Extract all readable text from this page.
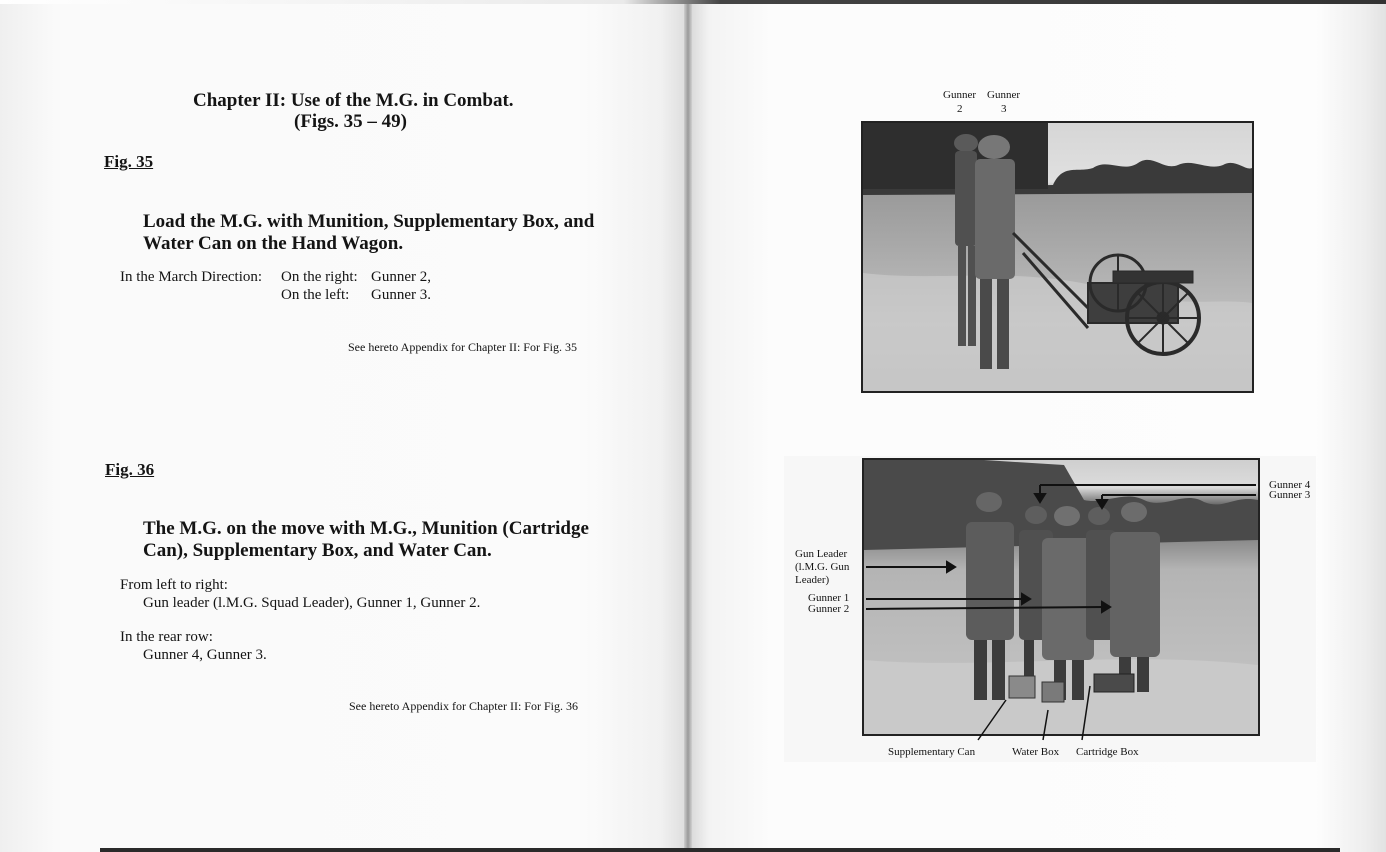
Chapter II: Use of the M.G. in Combat.
(Figs. 35 – 49)
Fig. 35
Load the M.G. with Munition, Supplementary Box, and
Water Can on the Hand Wagon.
In the March Direction: On the right: Gunner 2,
On the left: Gunner 3.
See hereto Appendix for Chapter II: For Fig. 35
Fig. 36
The M.G. on the move with M.G., Munition (Cartridge
Can), Supplementary Box, and Water Can.
From left to right:
Gun leader (l.M.G. Squad Leader), Gunner 1, Gunner 2.
In the rear row:
Gunner 4, Gunner 3.
See hereto Appendix for Chapter II: For Fig. 36
Gunner
2
Gunner
3
Gunner 4
Gunner 3
Gun Leader
(l.M.G. Gun
Leader)
Gunner 1
Gunner 2
Supplementary Can	Water Box Cartridge Box
